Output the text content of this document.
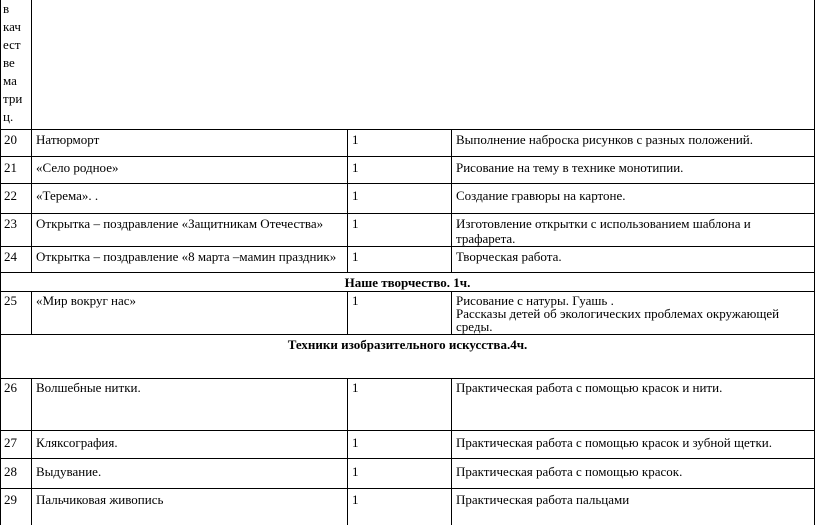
в
кач
ест
ве
ма
три
ц.
20 Натюрморт	1	Выполнение наброска рисунков с разных положений.
21 «Село родное»	1	Рисование на тему в технике монотипии.
22 «Терема». .	1	Создание гравюры на картоне.
23 Открытка – поздравление «Защитникам Отечества» 1	Изготовление открытки с использованием шаблона и
трафарета.
24 Открытка – поздравление «8 марта –мамин праздник» 1	Творческая работа.
Наше творчество. 1ч.
25 «Мир вокруг нас»	1	Рисование с натуры. Гуашь .
Рассказы детей об экологических проблемах окружающей
среды.
Техники изобразительного искусства.4ч.
26 Волшебные нитки.	1	Практическая работа с помощью красок и нити.
27 Кляксография.	1	Практическая работа с помощью красок и зубной щетки.
28 Выдувание.	1	Практическая работа с помощью красок.
29 Пальчиковая живопись	1	Практическая работа пальцами
